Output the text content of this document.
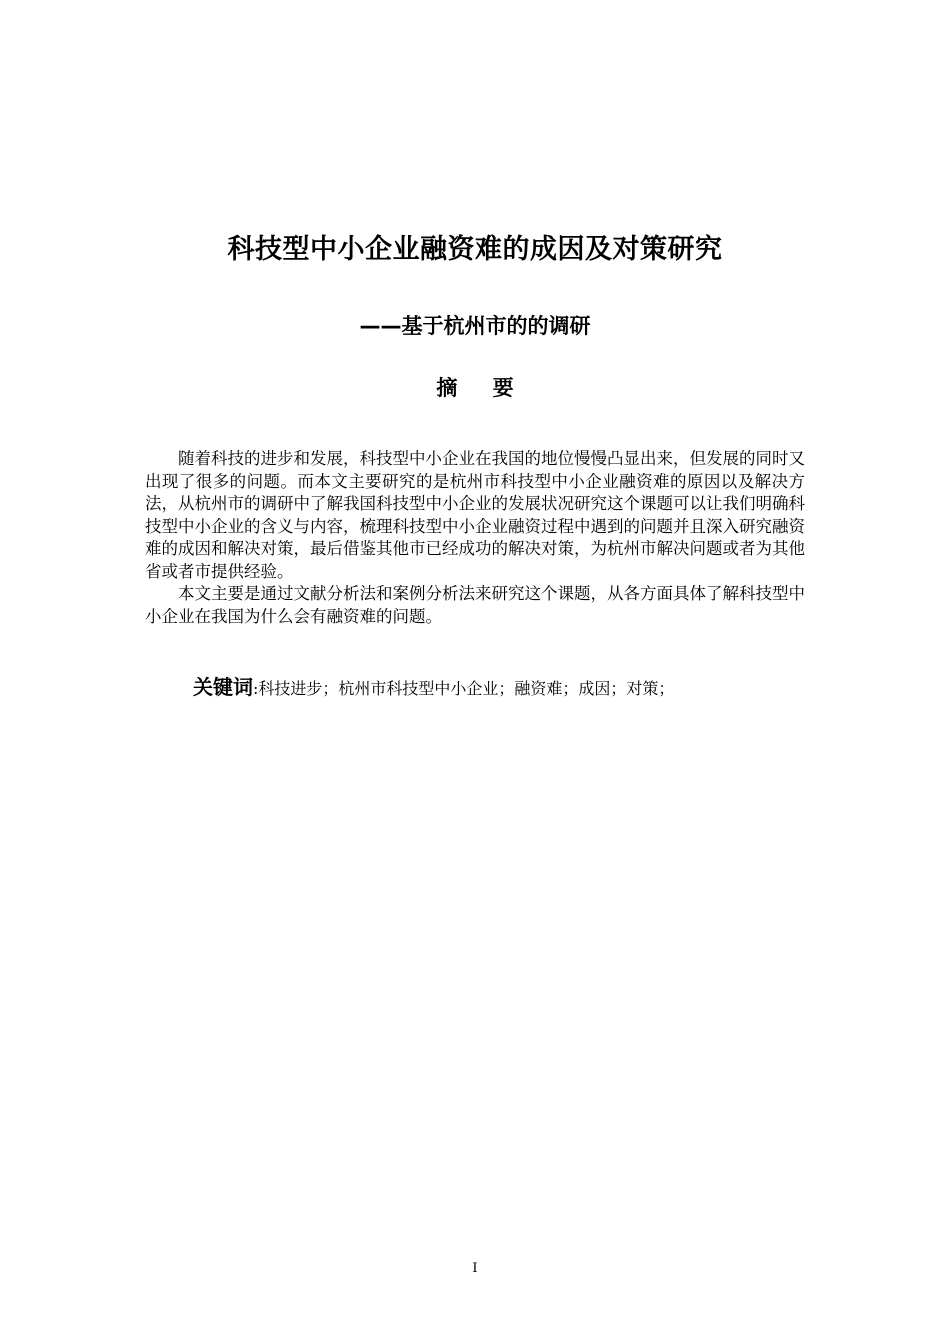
科技型中小企业融资难的成因及对策研究
——基于杭州市的的调研
摘 要

随着科技的进步和发展，科技型中小企业在我国的地位慢慢凸显出来，但发展的同时又出现了很多的问题。而本文主要研究的是杭州市科技型中小企业融资难的原因以及解决方法，从杭州市的调研中了解我国科技型中小企业的发展状况研究这个课题可以让我们明确科技型中小企业的含义与内容，梳理科技型中小企业融资过程中遇到的问题并且深入研究融资难的成因和解决对策，最后借鉴其他市已经成功的解决对策，为杭州市解决问题或者为其他省或者市提供经验。

本文主要是通过文献分析法和案例分析法来研究这个课题，从各方面具体了解科技型中小企业在我国为什么会有融资难的问题。

关键词:科技进步；杭州市科技型中小企业；融资难；成因；对策；
I
